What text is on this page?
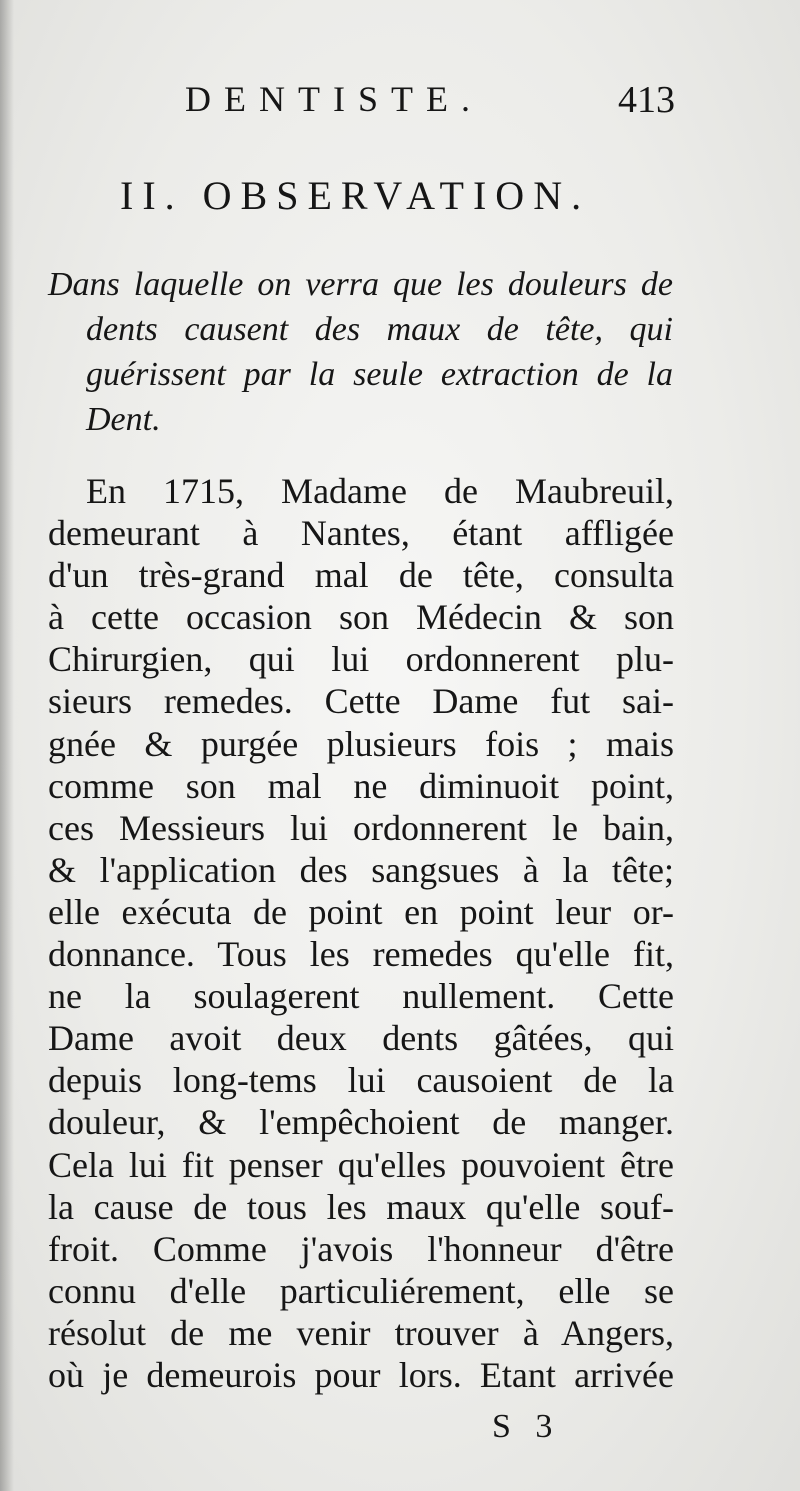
DENTISTE.	413
II. OBSERVATION.
Dans laquelle on verra que les douleurs de
dents causent des maux de tête, qui
guérissent par la seule extraction de la
Dent.
En 1715, Madame de Maubreuil,
demeurant à Nantes, étant affligée
d'un très-grand mal de tête, consulta
à cette occasion son Médecin & son
Chirurgien, qui lui ordonnerent plu-
sieurs remedes. Cette Dame fut sai-
gnée & purgée plusieurs fois ; mais
comme son mal ne diminuoit point,
ces Messieurs lui ordonnerent le bain,
& l'application des sangsues à la tête;
elle exécuta de point en point leur or-
donnance. Tous les remedes qu'elle fit,
ne la soulagerent nullement. Cette
Dame avoit deux dents gâtées, qui
depuis long-tems lui causoient de la
douleur, & l'empêchoient de manger.
Cela lui fit penser qu'elles pouvoient être
la cause de tous les maux qu'elle souf-
froit. Comme j'avois l'honneur d'être
connu d'elle particuliérement, elle se
résolut de me venir trouver à Angers,
où je demeurois pour lors. Etant arrivée
S 3
